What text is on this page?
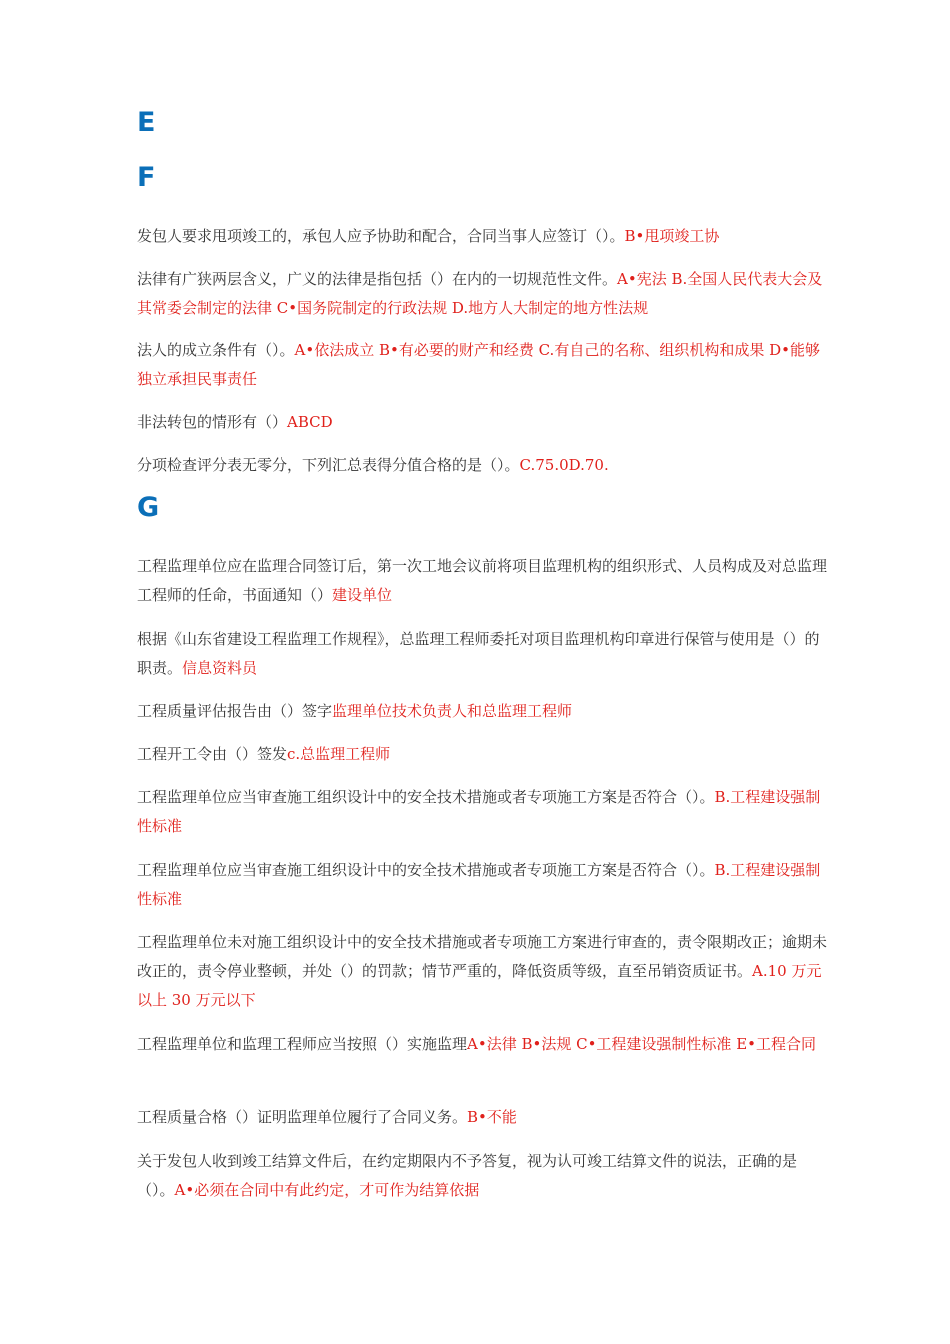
E
F

发包人要求甩项竣工的，承包人应予协助和配合，合同当事人应签订（）。B•甩项竣工协

法律有广狭两层含义，广义的法律是指包括（）在内的一切规范性文件。A•宪法 B.全国人民代表大会及其常委会制定的法律 C•国务院制定的行政法规 D.地方人大制定的地方性法规

法人的成立条件有（）。A•依法成立 B•有必要的财产和经费 C.有自己的名称、组织机构和成果 D•能够独立承担民事责任

非法转包的情形有（）ABCD

分项检查评分表无零分，下列汇总表得分值合格的是（）。C.75.0D.70.

G

工程监理单位应在监理合同签订后，第一次工地会议前将项目监理机构的组织形式、人员构成及对总监理工程师的任命，书面通知（）建设单位

根据《山东省建设工程监理工作规程》，总监理工程师委托对项目监理机构印章进行保管与使用是（）的职责。信息资料员

工程质量评估报告由（）签字监理单位技术负责人和总监理工程师

工程开工令由（）签发c.总监理工程师

工程监理单位应当审查施工组织设计中的安全技术措施或者专项施工方案是否符合（）。B.工程建设强制性标准

工程监理单位应当审查施工组织设计中的安全技术措施或者专项施工方案是否符合（）。B.工程建设强制性标准

工程监理单位未对施工组织设计中的安全技术措施或者专项施工方案进行审查的，责令限期改正；逾期未改正的，责令停业整顿，并处（）的罚款；情节严重的，降低资质等级，直至吊销资质证书。A.10 万元以上 30 万元以下

工程监理单位和监理工程师应当按照（）实施监理A•法律 B•法规 C•工程建设强制性标准 E•工程合同

工程质量合格（）证明监理单位履行了合同义务。B•不能

关于发包人收到竣工结算文件后，在约定期限内不予答复，视为认可竣工结算文件的说法，正确的是（）。A•必须在合同中有此约定，才可作为结算依据
